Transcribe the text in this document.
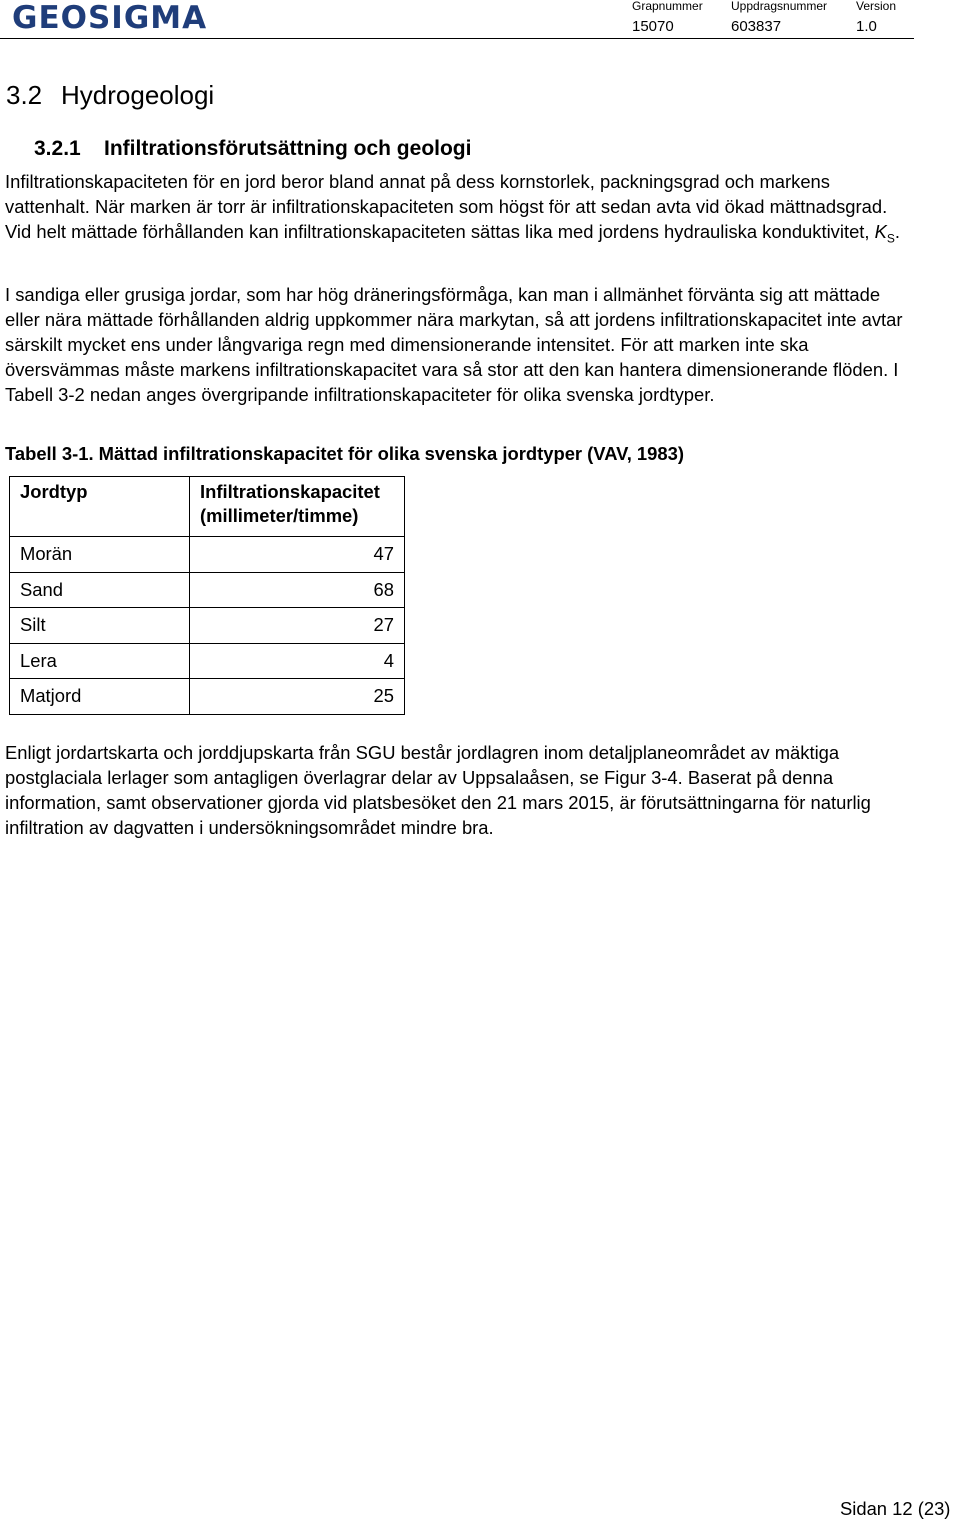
GEOSIGMA	Grapnummer
15070
Uppdragsnummer
603837
Version
1.0
3.2 Hydrogeologi
3.2.1 Infiltrationsförutsättning och geologi

Infiltrationskapaciteten för en jord beror bland annat på dess kornstorlek, packningsgrad och markens vattenhalt. När marken är torr är infiltrationskapaciteten som högst för att sedan avta vid ökad mättnadsgrad. Vid helt mättade förhållanden kan infiltrationskapaciteten sättas lika med jordens hydrauliska konduktivitet, $K_S$.

I sandiga eller grusiga jordar, som har hög dräneringsförmåga, kan man i allmänhet förvänta sig att mättade eller nära mättade förhållanden aldrig uppkommer nära markytan, så att jordens infiltrationskapacitet inte avtar särskilt mycket ens under långvariga regn med dimensionerande intensitet. För att marken inte ska översvämmas måste markens infiltrationskapacitet vara så stor att den kan hantera dimensionerande flöden. I Tabell 3-2 nedan anges övergripande infiltrationskapaciteter för olika svenska jordtyper.

Tabell 3-1. Mättad infiltrationskapacitet för olika svenska jordtyper (VAV, 1983)

Jordtyp	Infiltrationskapacitet (millimeter/timme)
Morän	47
Sand	68
Silt	27
Lera	4
Matjord	25

Enligt jordartskarta och jorddjupskarta från SGU består jordlagren inom detaljplaneområdet av mäktiga postglaciala lerlager som antagligen överlagrar delar av Uppsalaåsen, se Figur 3-4. Baserat på denna information, samt observationer gjorda vid platsbesöket den 21 mars 2015, är förutsättningarna för naturlig infiltration av dagvatten i undersökningsområdet mindre bra.

Sidan 12 (23)
